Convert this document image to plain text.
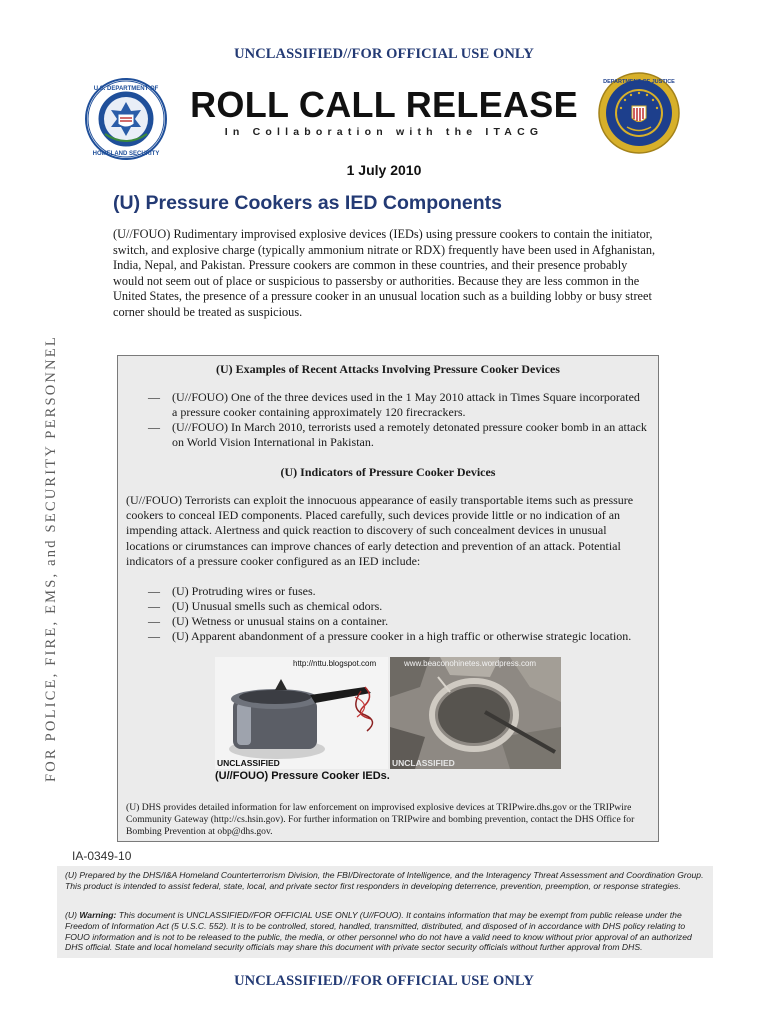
UNCLASSIFIED//FOR OFFICIAL USE ONLY
U.S. DEPARTMENT OF
HOMELAND SECURITY
ROLL CALL RELEASE
In Collaboration with the ITACG
DEPARTMENT OF JUSTICE
1 July 2010
(U) Pressure Cookers as IED Components
(U//FOUO) Rudimentary improvised explosive devices (IEDs) using pressure cookers to contain the initiator, switch, and explosive charge (typically ammonium nitrate or RDX) frequently have been used in Afghanistan, India, Nepal, and Pakistan. Pressure cookers are common in these countries, and their presence probably would not seem out of place or suspicious to passersby or authorities. Because they are less common in the United States, the presence of a pressure cooker in an unusual location such as a building lobby or busy street corner should be treated as suspicious.
FOR POLICE, FIRE, EMS, and SECURITY PERSONNEL	(U) Examples of Recent Attacks Involving Pressure Cooker Devices
— (U//FOUO) One of the three devices used in the 1 May 2010 attack in Times Square incorporated a pressure cooker containing approximately 120 firecrackers.
— (U//FOUO) In March 2010, terrorists used a remotely detonated pressure cooker bomb in an attack on World Vision International in Pakistan.
(U) Indicators of Pressure Cooker Devices
(U//FOUO) Terrorists can exploit the innocuous appearance of easily transportable items such as pressure cookers to conceal IED components. Placed carefully, such devices provide little or no indication of an impending attack. Alertness and quick reaction to discovery of such concealment devices in unusual locations or cirumstances can improve chances of early detection and prevention of an attack. Potential indicators of a pressure cooker configured as an IED include:
— (U) Protruding wires or fuses.
— (U) Unusual smells such as chemical odors.
— (U) Wetness or unusual stains on a container.
— (U) Apparent abandonment of a pressure cooker in a high traffic or otherwise strategic location.
http://nttu.blogspot.com
UNCLASSIFIED
www.beaconohinetes.wordpress.com
UNCLASSIFIED
(U//FOUO) Pressure Cooker IEDs.
(U) DHS provides detailed information for law enforcement on improvised explosive devices at TRIPwire.dhs.gov or the TRIPwire Community Gateway (http://cs.hsin.gov). For further information on TRIPwire and bombing prevention, contact the DHS Office for Bombing Prevention at obp@dhs.gov.
IA-0349-10
(U) Prepared by the DHS/I&A Homeland Counterterrorism Division, the FBI/Directorate of Intelligence, and the Interagency Threat Assessment and Coordination Group. This product is intended to assist federal, state, local, and private sector first responders in developing deterrence, prevention, preemption, or response strategies.
(U) Warning: This document is UNCLASSIFIED//FOR OFFICIAL USE ONLY (U//FOUO). It contains information that may be exempt from public release under the Freedom of Information Act (5 U.S.C. 552). It is to be controlled, stored, handled, transmitted, distributed, and disposed of in accordance with DHS policy relating to FOUO information and is not to be released to the public, the media, or other personnel who do not have a valid need to know without prior approval of an authorized DHS official. State and local homeland security officials may share this document with private sector security officials without further approval from DHS.
UNCLASSIFIED//FOR OFFICIAL USE ONLY
